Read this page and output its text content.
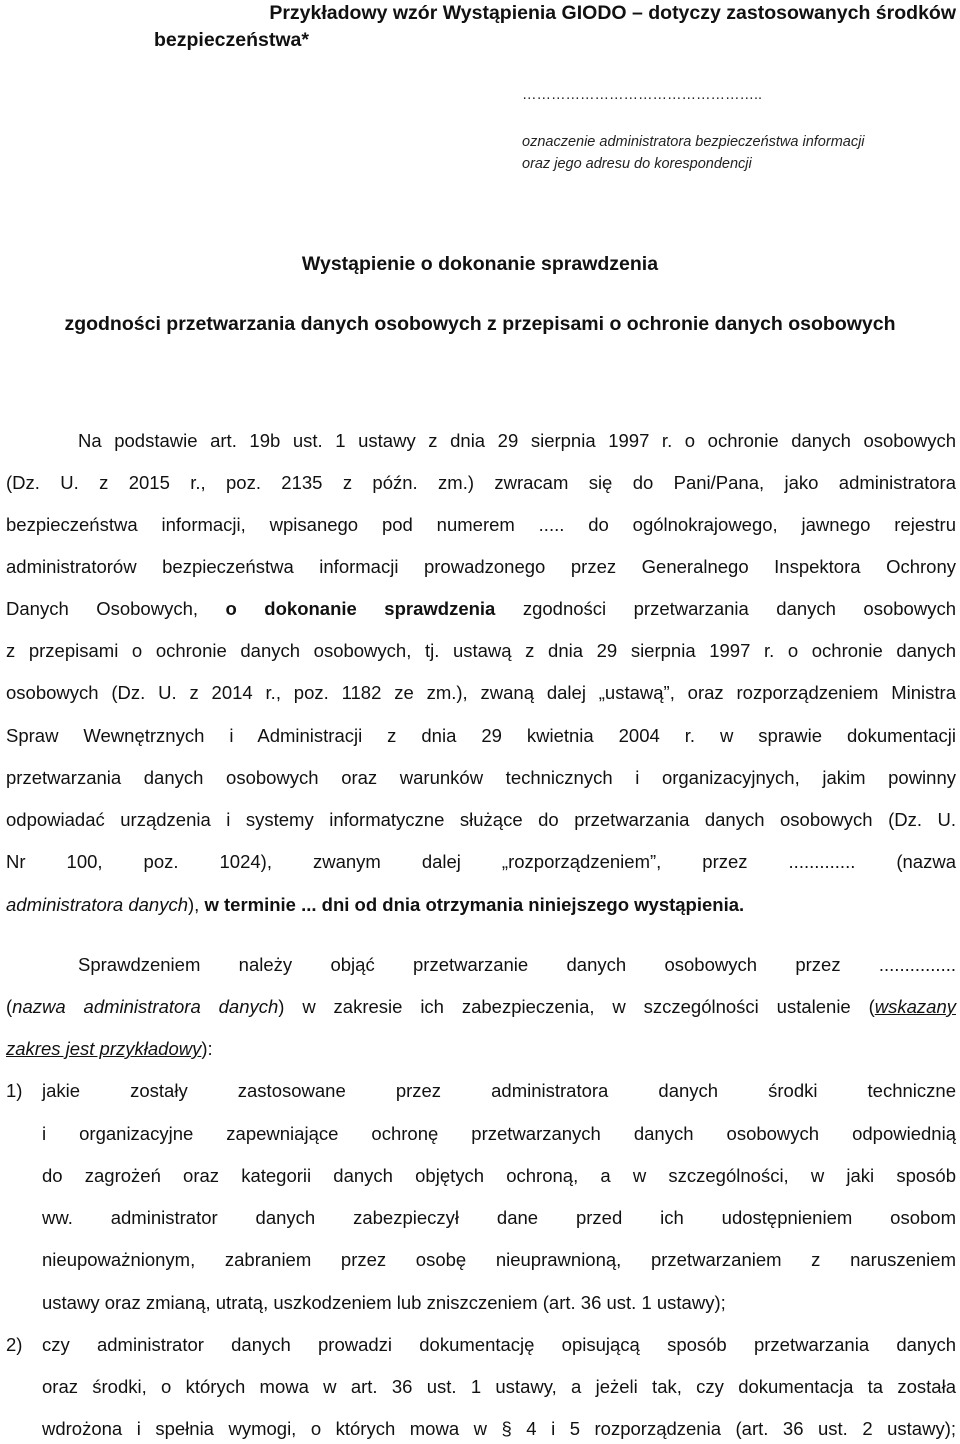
Przykładowy wzór Wystąpienia GIODO – dotyczy zastosowanych środków
bezpieczeństwa*
…………………………………………..
oznaczenie administratora bezpieczeństwa informacji
oraz jego adresu do korespondencji
Wystąpienie o dokonanie sprawdzenia
zgodności przetwarzania danych osobowych z przepisami o ochronie danych osobowych
Na podstawie art. 19b ust. 1 ustawy z dnia 29 sierpnia 1997 r. o ochronie danych osobowych
(Dz. U. z 2015 r., poz. 2135 z późn. zm.) zwracam się do Pani/Pana, jako administratora
bezpieczeństwa informacji, wpisanego pod numerem ..... do ogólnokrajowego, jawnego rejestru
administratorów bezpieczeństwa informacji prowadzonego przez Generalnego Inspektora Ochrony
Danych Osobowych, o dokonanie sprawdzenia zgodności przetwarzania danych osobowych
z przepisami o ochronie danych osobowych, tj. ustawą z dnia 29 sierpnia 1997 r. o ochronie danych
osobowych (Dz. U. z 2014 r., poz. 1182 ze zm.), zwaną dalej „ustawą”, oraz rozporządzeniem Ministra
Spraw Wewnętrznych i Administracji z dnia 29 kwietnia 2004 r. w sprawie dokumentacji
przetwarzania danych osobowych oraz warunków technicznych i organizacyjnych, jakim powinny
odpowiadać urządzenia i systemy informatyczne służące do przetwarzania danych osobowych (Dz. U.
Nr 100, poz. 1024), zwanym dalej „rozporządzeniem”, przez ............. (nazwa
administratora danych), w terminie ... dni od dnia otrzymania niniejszego wystąpienia.
Sprawdzeniem należy objąć przetwarzanie danych osobowych przez ...............
(nazwa administratora danych) w zakresie ich zabezpieczenia, w szczególności ustalenie (wskazany
zakres jest przykładowy):
1) jakie zostały zastosowane przez administratora danych środki techniczne
i organizacyjne zapewniające ochronę przetwarzanych danych osobowych odpowiednią
do zagrożeń oraz kategorii danych objętych ochroną, a w szczególności, w jaki sposób
ww. administrator danych zabezpieczył dane przed ich udostępnieniem osobom
nieupoważnionym, zabraniem przez osobę nieuprawnioną, przetwarzaniem z naruszeniem
ustawy oraz zmianą, utratą, uszkodzeniem lub zniszczeniem (art. 36 ust. 1 ustawy);
2) czy administrator danych prowadzi dokumentację opisującą sposób przetwarzania danych
oraz środki, o których mowa w art. 36 ust. 1 ustawy, a jeżeli tak, czy dokumentacja ta została
wdrożona i spełnia wymogi, o których mowa w § 4 i 5 rozporządzenia (art. 36 ust. 2 ustawy);
